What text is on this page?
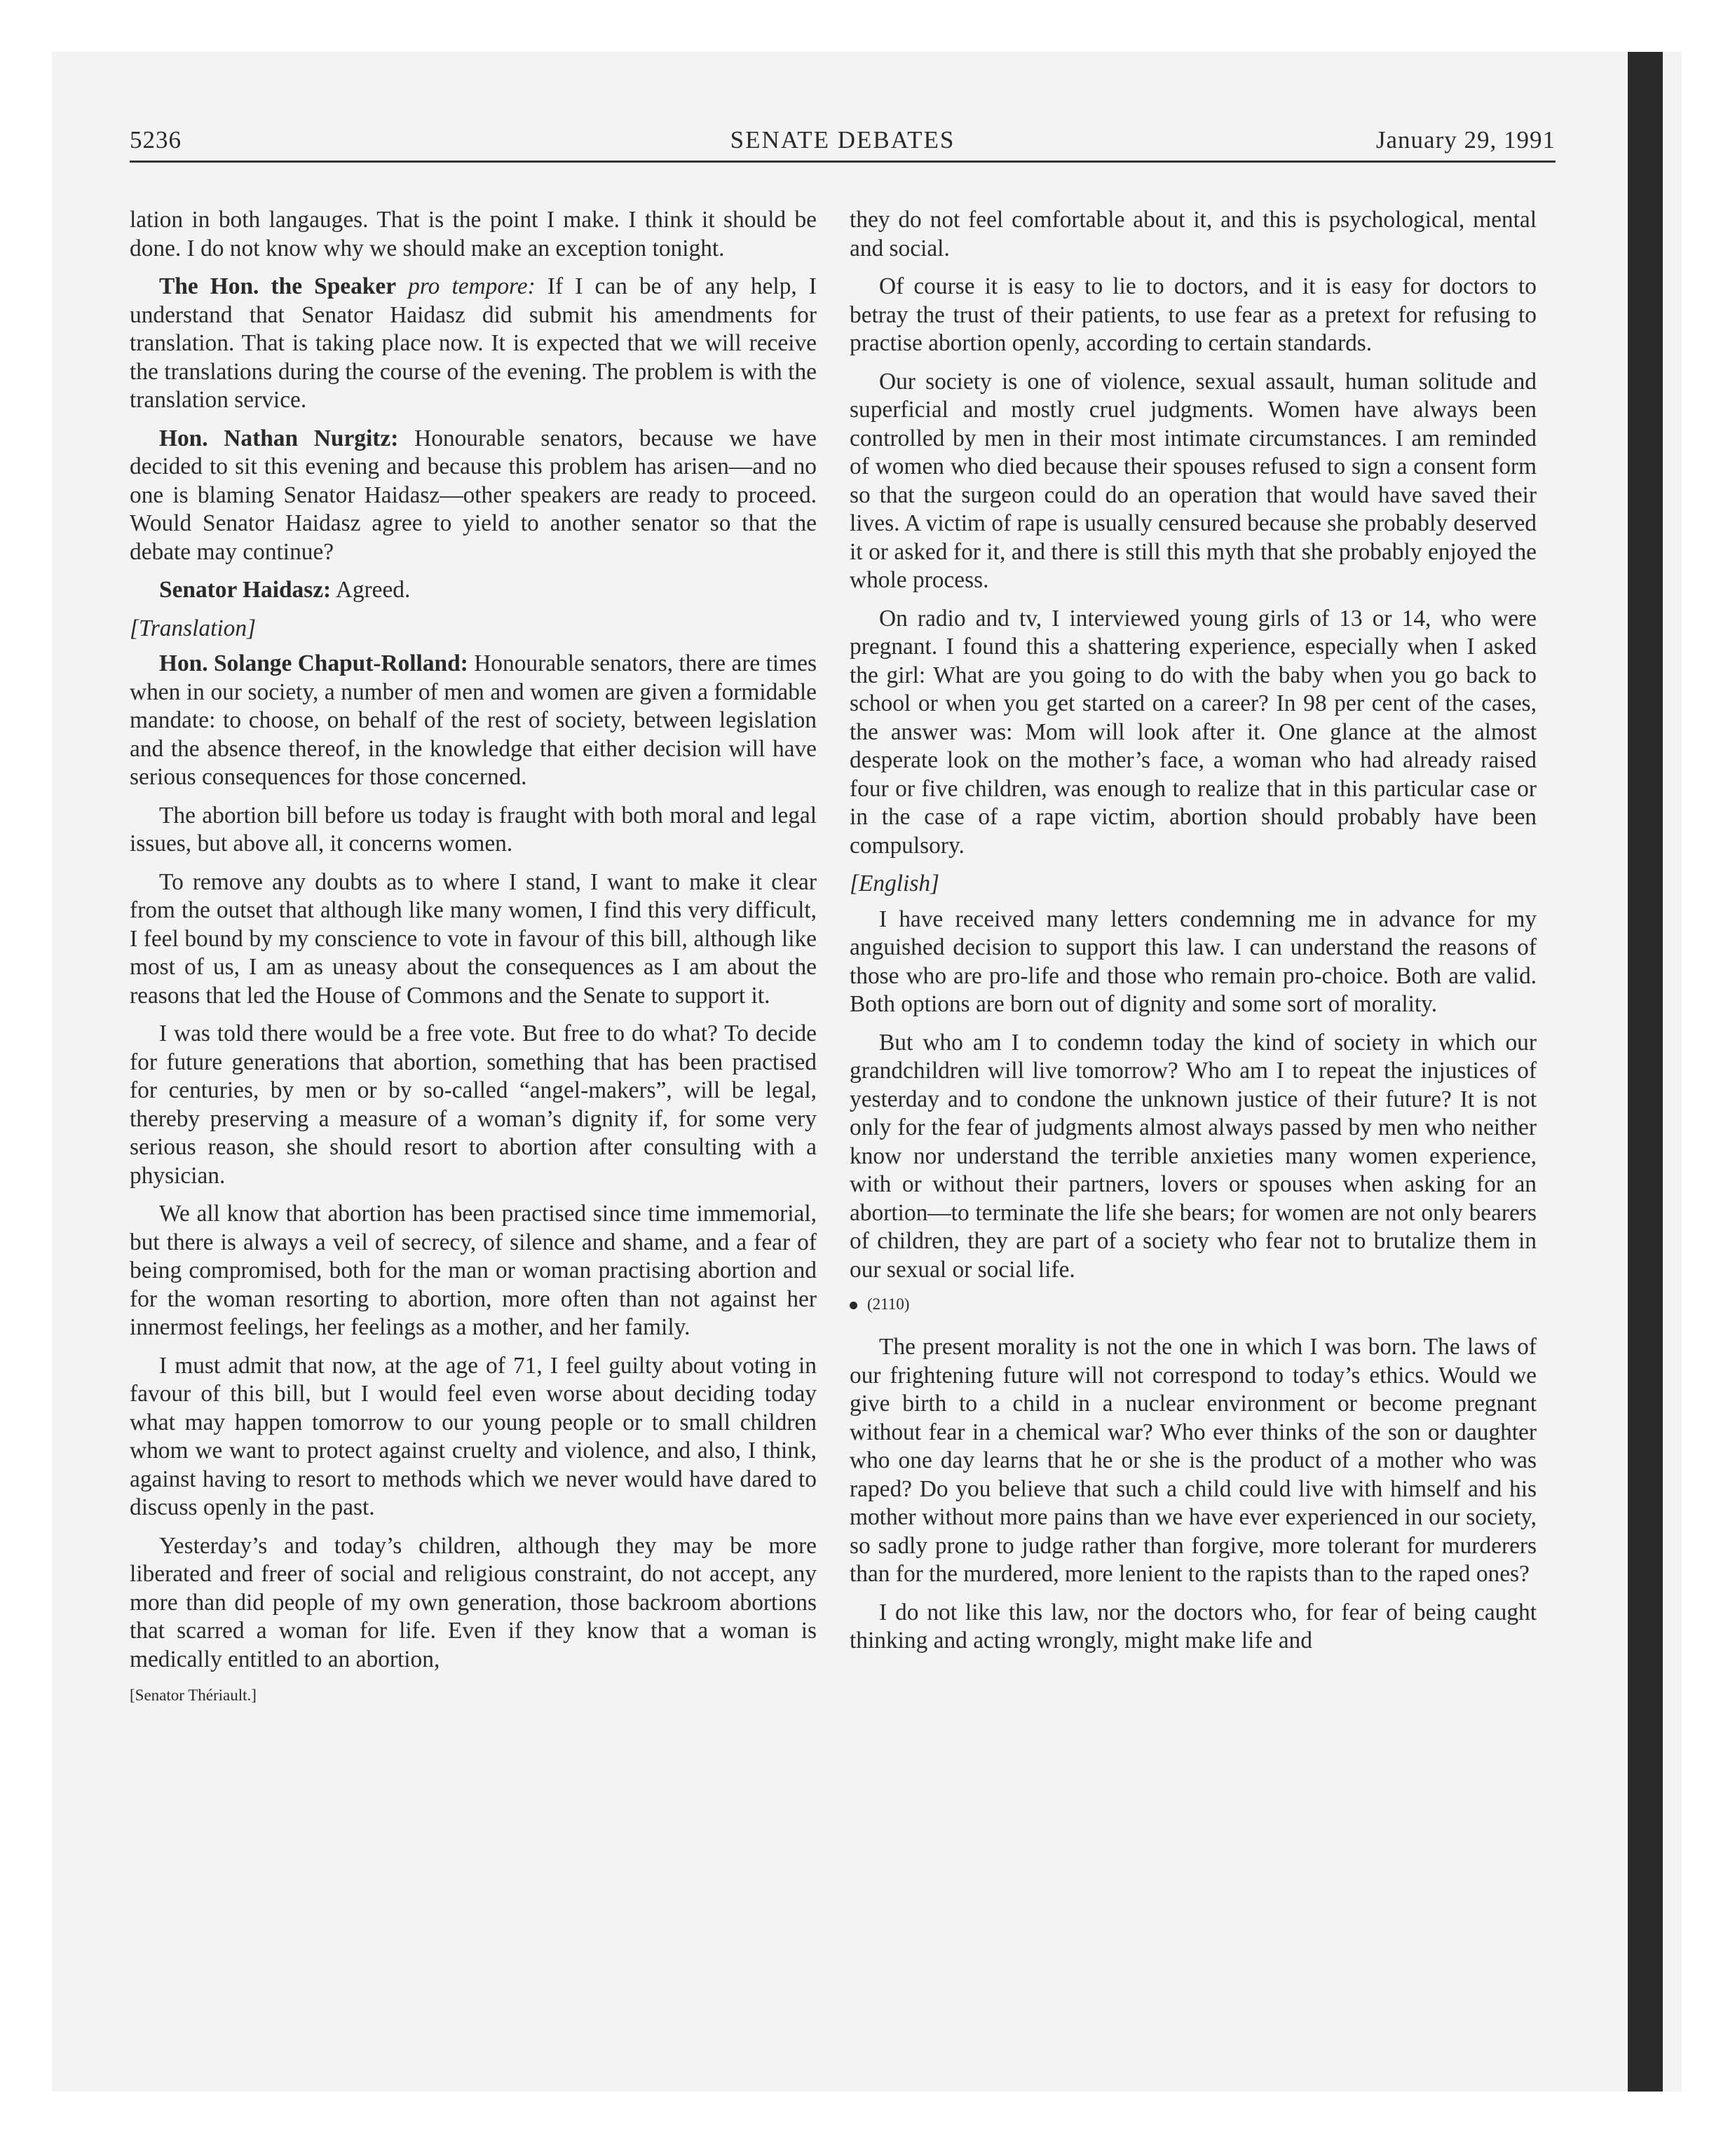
5236	SENATE DEBATES	January 29, 1991

lation in both langauges. That is the point I make. I think it should be done. I do not know why we should make an exception tonight.

The Hon. the Speaker pro tempore: If I can be of any help, I understand that Senator Haidasz did submit his amendments for translation. That is taking place now. It is expected that we will receive the translations during the course of the evening. The problem is with the translation service.

Hon. Nathan Nurgitz: Honourable senators, because we have decided to sit this evening and because this problem has arisen—and no one is blaming Senator Haidasz—other speakers are ready to proceed. Would Senator Haidasz agree to yield to another senator so that the debate may continue?

Senator Haidasz: Agreed.

[Translation]

Hon. Solange Chaput-Rolland: Honourable senators, there are times when in our society, a number of men and women are given a formidable mandate: to choose, on behalf of the rest of society, between legislation and the absence thereof, in the knowledge that either decision will have serious consequences for those concerned.

The abortion bill before us today is fraught with both moral and legal issues, but above all, it concerns women.

To remove any doubts as to where I stand, I want to make it clear from the outset that although like many women, I find this very difficult, I feel bound by my conscience to vote in favour of this bill, although like most of us, I am as uneasy about the consequences as I am about the reasons that led the House of Commons and the Senate to support it.

I was told there would be a free vote. But free to do what? To decide for future generations that abortion, something that has been practised for centuries, by men or by so-called “angel-makers”, will be legal, thereby preserving a measure of a woman’s dignity if, for some very serious reason, she should resort to abortion after consulting with a physician.

We all know that abortion has been practised since time immemorial, but there is always a veil of secrecy, of silence and shame, and a fear of being compromised, both for the man or woman practising abortion and for the woman resorting to abortion, more often than not against her innermost feelings, her feelings as a mother, and her family.

I must admit that now, at the age of 71, I feel guilty about voting in favour of this bill, but I would feel even worse about deciding today what may happen tomorrow to our young people or to small children whom we want to protect against cruelty and violence, and also, I think, against having to resort to methods which we never would have dared to discuss openly in the past.

Yesterday’s and today’s children, although they may be more liberated and freer of social and religious constraint, do not accept, any more than did people of my own generation, those backroom abortions that scarred a woman for life. Even if they know that a woman is medically entitled to an abortion,

[Senator Thériault.]

they do not feel comfortable about it, and this is psychological, mental and social.

Of course it is easy to lie to doctors, and it is easy for doctors to betray the trust of their patients, to use fear as a pretext for refusing to practise abortion openly, according to certain standards.

Our society is one of violence, sexual assault, human solitude and superficial and mostly cruel judgments. Women have always been controlled by men in their most intimate circumstances. I am reminded of women who died because their spouses refused to sign a consent form so that the surgeon could do an operation that would have saved their lives. A victim of rape is usually censured because she probably deserved it or asked for it, and there is still this myth that she probably enjoyed the whole process.

On radio and tv, I interviewed young girls of 13 or 14, who were pregnant. I found this a shattering experience, especially when I asked the girl: What are you going to do with the baby when you go back to school or when you get started on a career? In 98 per cent of the cases, the answer was: Mom will look after it. One glance at the almost desperate look on the mother’s face, a woman who had already raised four or five children, was enough to realize that in this particular case or in the case of a rape victim, abortion should probably have been compulsory.

[English]

I have received many letters condemning me in advance for my anguished decision to support this law. I can understand the reasons of those who are pro-life and those who remain pro-choice. Both are valid. Both options are born out of dignity and some sort of morality.

But who am I to condemn today the kind of society in which our grandchildren will live tomorrow? Who am I to repeat the injustices of yesterday and to condone the unknown justice of their future? It is not only for the fear of judgments almost always passed by men who neither know nor understand the terrible anxieties many women experience, with or without their partners, lovers or spouses when asking for an abortion—to terminate the life she bears; for women are not only bearers of children, they are part of a society who fear not to brutalize them in our sexual or social life.

(2110)

The present morality is not the one in which I was born. The laws of our frightening future will not correspond to today’s ethics. Would we give birth to a child in a nuclear environment or become pregnant without fear in a chemical war? Who ever thinks of the son or daughter who one day learns that he or she is the product of a mother who was raped? Do you believe that such a child could live with himself and his mother without more pains than we have ever experienced in our society, so sadly prone to judge rather than forgive, more tolerant for murderers than for the murdered, more lenient to the rapists than to the raped ones?

I do not like this law, nor the doctors who, for fear of being caught thinking and acting wrongly, might make life and
